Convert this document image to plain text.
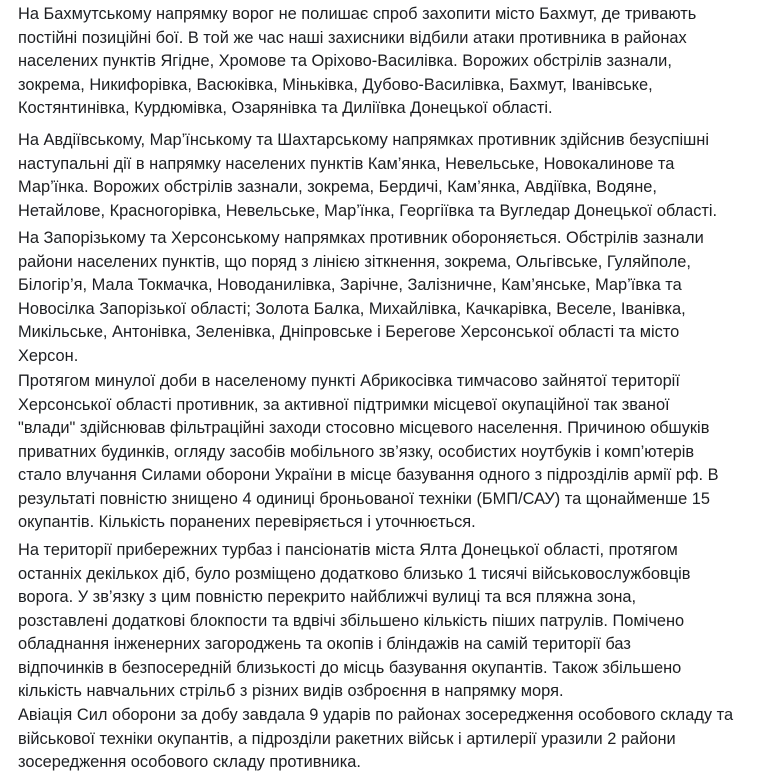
На Бахмутському напрямку ворог не полишає спроб захопити місто Бахмут, де тривають
постійні позиційні бої. В той же час наші захисники відбили атаки противника в районах
населених пунктів Ягідне, Хромове та Оріхово-Василівка. Ворожих обстрілів зазнали,
зокрема, Никифорівка, Васюківка, Міньківка, Дубово-Василівка, Бахмут, Іванівське,
Костянтинівка, Курдюмівка, Озарянівка та Диліївка Донецької області.
На Авдіївському, Мар’їнському та Шахтарському напрямках противник здійснив безуспішні
наступальні дії в напрямку населених пунктів Кам’янка, Невельське, Новокалинове та
Мар’їнка. Ворожих обстрілів зазнали, зокрема, Бердичі, Кам’янка, Авдіївка, Водяне,
Нетайлове, Красногорівка, Невельське, Мар’їнка, Георгіївка та Вугледар Донецької області.
На Запорізькому та Херсонському напрямках противник обороняється. Обстрілів зазнали
райони населених пунктів, що поряд з лінією зіткнення, зокрема, Ольгівське, Гуляйполе,
Білогір’я, Мала Токмачка, Новоданилівка, Зарічне, Залізничне, Кам’янське, Мар’ївка та
Новосілка Запорізької області; Золота Балка, Михайлівка, Качкарівка, Веселе, Іванівка,
Микільське, Антонівка, Зеленівка, Дніпровське і Берегове Херсонської області та місто
Херсон.
Протягом минулої доби в населеному пункті Абрикосівка тимчасово зайнятої території
Херсонської області противник, за активної підтримки місцевої окупаційної так званої
"влади" здійснював фільтраційні заходи стосовно місцевого населення. Причиною обшуків
приватних будинків, огляду засобів мобільного зв’язку, особистих ноутбуків і комп’ютерів
стало влучання Силами оборони України в місце базування одного з підрозділів армії рф. В
результаті повністю знищено 4 одиниці броньованої техніки (БМП/САУ) та щонайменше 15
окупантів. Кількість поранених перевіряється і уточнюється.
На території прибережних турбаз і пансіонатів міста Ялта Донецької області, протягом
останніх декількох діб, було розміщено додатково близько 1 тисячі військовослужбовців
ворога. У зв’язку з цим повністю перекрито найближчі вулиці та вся пляжна зона,
розставлені додаткові блокпости та вдвічі збільшено кількість піших патрулів. Помічено
обладнання інженерних загороджень та окопів і бліндажів на самій території баз
відпочинків в безпосередній близькості до місць базування окупантів. Також збільшено
кількість навчальних стрільб з різних видів озброєння в напрямку моря.
Авіація Сил оборони за добу завдала 9 ударів по районах зосередження особового складу та
військової техніки окупантів, а підрозділи ракетних військ і артилерії уразили 2 райони
зосередження особового складу противника.
